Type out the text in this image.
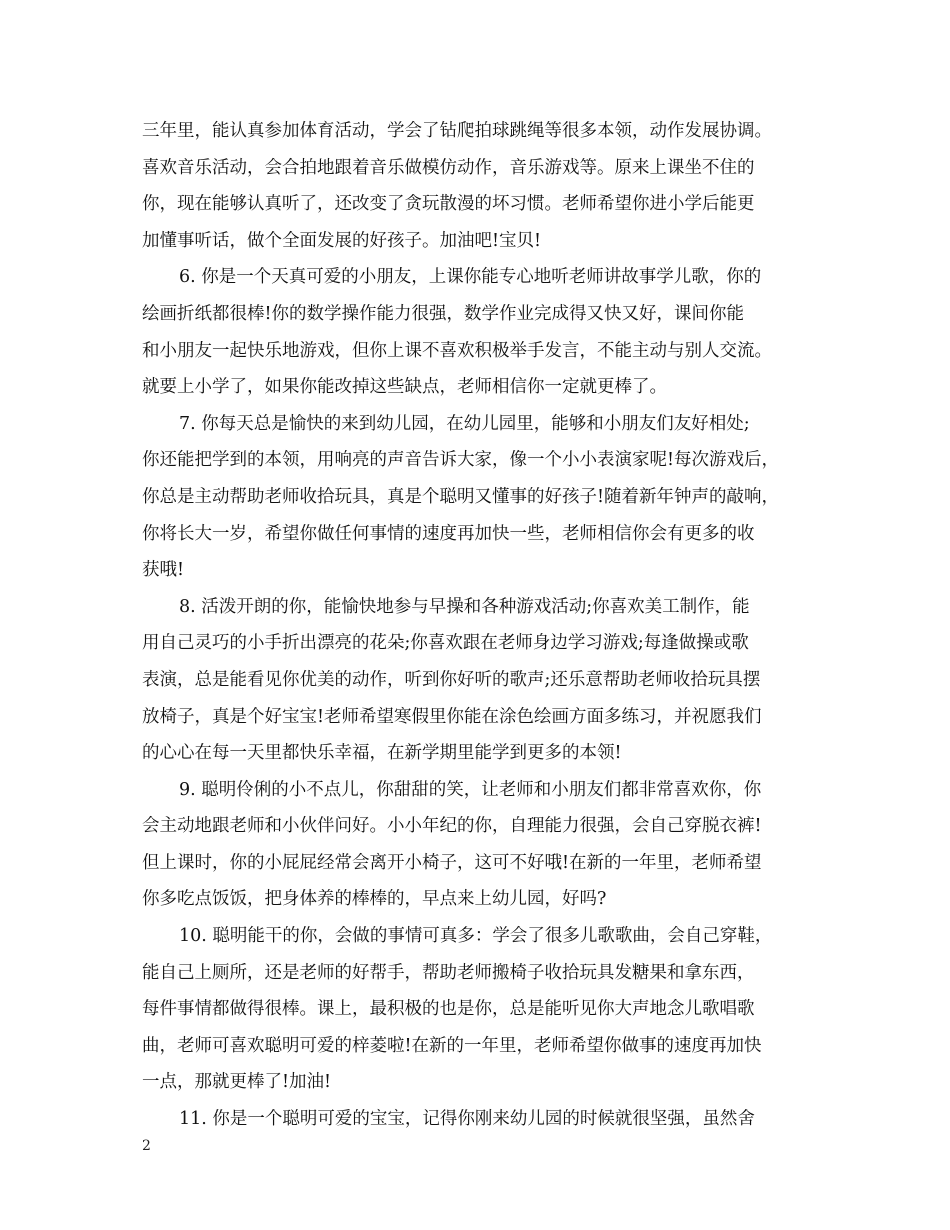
三年里，能认真参加体育活动，学会了钻爬拍球跳绳等很多本领，动作发展协调。
喜欢音乐活动，会合拍地跟着音乐做模仿动作，音乐游戏等。原来上课坐不住的
你，现在能够认真听了，还改变了贪玩散漫的坏习惯。老师希望你进小学后能更
加懂事听话，做个全面发展的好孩子。加油吧!宝贝!
6. 你是一个天真可爱的小朋友，上课你能专心地听老师讲故事学儿歌，你的
绘画折纸都很棒!你的数学操作能力很强，数学作业完成得又快又好，课间你能
和小朋友一起快乐地游戏，但你上课不喜欢积极举手发言，不能主动与别人交流。
就要上小学了，如果你能改掉这些缺点，老师相信你一定就更棒了。
7. 你每天总是愉快的来到幼儿园，在幼儿园里，能够和小朋友们友好相处;
你还能把学到的本领，用响亮的声音告诉大家，像一个小小表演家呢!每次游戏后，
你总是主动帮助老师收拾玩具，真是个聪明又懂事的好孩子!随着新年钟声的敲响，
你将长大一岁，希望你做任何事情的速度再加快一些，老师相信你会有更多的收
获哦!
8. 活泼开朗的你，能愉快地参与早操和各种游戏活动;你喜欢美工制作，能
用自己灵巧的小手折出漂亮的花朵;你喜欢跟在老师身边学习游戏;每逢做操或歌
表演，总是能看见你优美的动作，听到你好听的歌声;还乐意帮助老师收拾玩具摆
放椅子，真是个好宝宝!老师希望寒假里你能在涂色绘画方面多练习，并祝愿我们
的心心在每一天里都快乐幸福，在新学期里能学到更多的本领!
9. 聪明伶俐的小不点儿，你甜甜的笑，让老师和小朋友们都非常喜欢你，你
会主动地跟老师和小伙伴问好。小小年纪的你，自理能力很强，会自己穿脱衣裤!
但上课时，你的小屁屁经常会离开小椅子，这可不好哦!在新的一年里，老师希望
你多吃点饭饭，把身体养的棒棒的，早点来上幼儿园，好吗?
10. 聪明能干的你，会做的事情可真多：学会了很多儿歌歌曲，会自己穿鞋，
能自己上厕所，还是老师的好帮手，帮助老师搬椅子收拾玩具发糖果和拿东西，
每件事情都做得很棒。课上，最积极的也是你，总是能听见你大声地念儿歌唱歌
曲，老师可喜欢聪明可爱的梓菱啦!在新的一年里，老师希望你做事的速度再加快
一点，那就更棒了!加油!
11. 你是一个聪明可爱的宝宝，记得你刚来幼儿园的时候就很坚强，虽然舍
2
